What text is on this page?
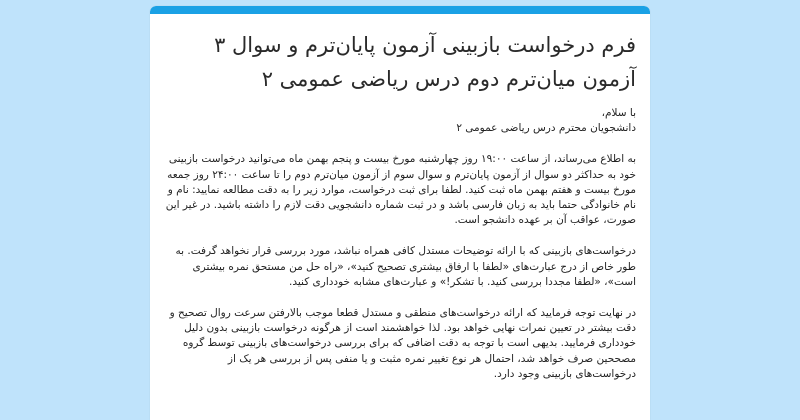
فرم درخواست بازبینی آزمون پایان‌ترم و سوال ۳ آزمون میان‌ترم دوم درس ریاضی عمومی ۲

با سلام،
دانشجویان محترم درس ریاضی عمومی ۲

به اطلاع می‌رساند، از ساعت ۱۹:۰۰ روز چهارشنبه مورخ بیست و پنجم بهمن ماه می‌توانید درخواست بازبینی خود به حداکثر دو سوال از آزمون پایان‌ترم و سوال سوم از آزمون میان‌ترم دوم را تا ساعت ۲۴:۰۰ روز جمعه مورخ بیست و هفتم بهمن ماه ثبت کنید. لطفا برای ثبت درخواست، موارد زیر را به دقت مطالعه نمایید: نام و نام خانوادگی حتما باید به زبان فارسی باشد و در ثبت شماره دانشجویی دقت لازم را داشته باشید. در غیر این صورت، عواقب آن بر عهده دانشجو است.

درخواست‌های بازبینی که با ارائه توضیحات مستدل کافی همراه نباشد، مورد بررسی قرار نخواهد گرفت. به طور خاص از درج عبارت‌های «لطفا با ارفاق بیشتری تصحیح کنید»، «راه حل من مستحق نمره بیشتری است»، «لطفا مجددا بررسی کنید. با تشکر!» و عبارت‌های مشابه خودداری کنید.

در نهایت توجه فرمایید که ارائه درخواست‌های منطقی و مستدل قطعا موجب بالارفتن سرعت روال تصحیح و دقت بیشتر در تعیین نمرات نهایی خواهد بود. لذا خواهشمند است از هرگونه درخواست بازبینی بدون دلیل خودداری فرمایید. بدیهی است با توجه به دقت اضافی که برای بررسی درخواست‌های بازبینی توسط گروه مصححین صرف خواهد شد، احتمال هر نوع تغییر نمره مثبت و یا منفی پس از بررسی هر یک از درخواست‌های بازبینی وجود دارد.
